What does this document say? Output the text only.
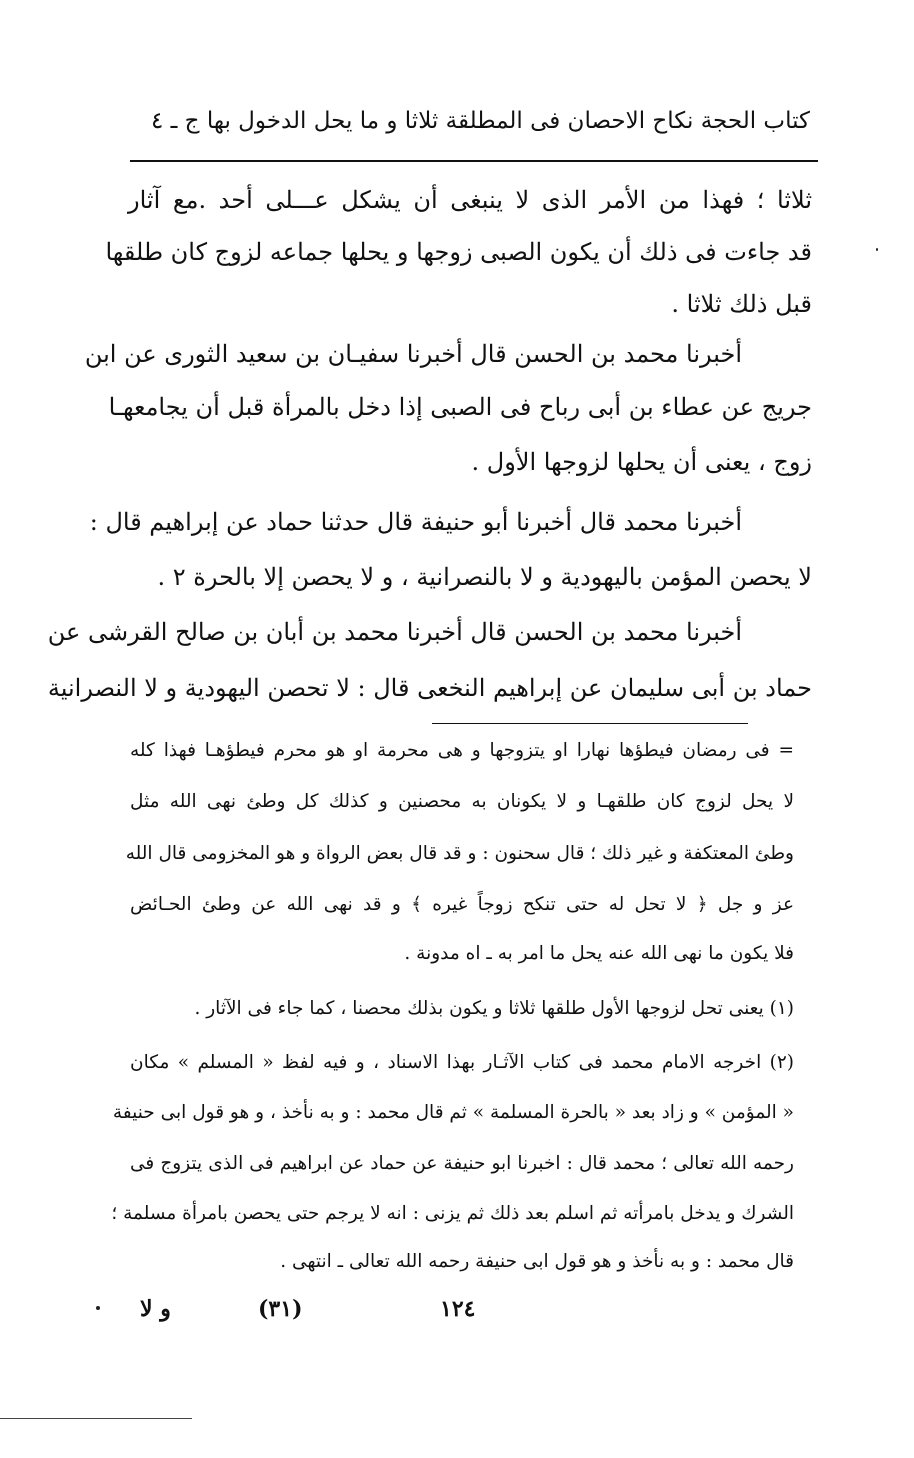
كتاب الحجة نكاح الاحصان فى المطلقة ثلاثا و ما يحل الدخول بها ج ـ ٤
ثلاثا ؛ فهذا من الأمر الذى لا ينبغى أن يشكل عـــلى أحد .مع آثار
قد جاءت فى ذلك أن يكون الصبى زوجها و يحلها جماعه لزوج كان طلقها
قبل ذلك ثلاثا .
أخبرنا محمد بن الحسن قال أخبرنا سفيـان بن سعيد الثورى عن ابن
جريج عن عطاء بن أبى رباح فى الصبى إذا دخل بالمرأة قبل أن يجامعهـا
زوج ، يعنى أن يحلها لزوجها الأول .
أخبرنا محمد قال أخبرنا أبو حنيفة قال حدثنا حماد عن إبراهيم قال :
لا يحصن المؤمن باليهودية و لا بالنصرانية ، و لا يحصن إلا بالحرة ٢ .
أخبرنا محمد بن الحسن قال أخبرنا محمد بن أبان بن صالح القرشى عن
حماد بن أبى سليمان عن إبراهيم النخعى قال : لا تحصن اليهودية و لا النصرانية
= فى رمضان فيطؤها نهارا او يتزوجها و هى محرمة او هو محرم فيطؤهـا فهذا كله
لا يحل لزوج كان طلقهـا و لا يكونان به محصنين و كذلك كل وطئ نهى الله مثل
وطئ المعتكفة و غير ذلك ؛ قال سحنون : و قد قال بعض الرواة و هو المخزومى قال الله
عز و جل ﴿ لا تحل له حتى تنكح زوجاً غيره ﴾ و قد نهى الله عن وطئ الحـائض
فلا يكون ما نهى الله عنه يحل ما امر به ـ اه مدونة .
(١) يعنى تحل لزوجها الأول طلقها ثلاثا و يكون بذلك محصنا ، كما جاء فى الآثار .
(٢) اخرجه الامام محمد فى كتاب الآثـار بهذا الاسناد ، و فيه لفظ « المسلم » مكان
« المؤمن » و زاد بعد « بالحرة المسلمة » ثم قال محمد : و به نأخذ ، و هو قول ابى حنيفة
رحمه الله تعالى ؛ محمد قال : اخبرنا ابو حنيفة عن حماد عن ابراهيم فى الذى يتزوج فى
الشرك و يدخل بامرأته ثم اسلم بعد ذلك ثم يزنى : انه لا يرجم حتى يحصن بامرأة مسلمة ؛
قال محمد : و به نأخذ و هو قول ابى حنيفة رحمه الله تعالى ـ انتهى .
١٢٤
(٣١)
و لا
